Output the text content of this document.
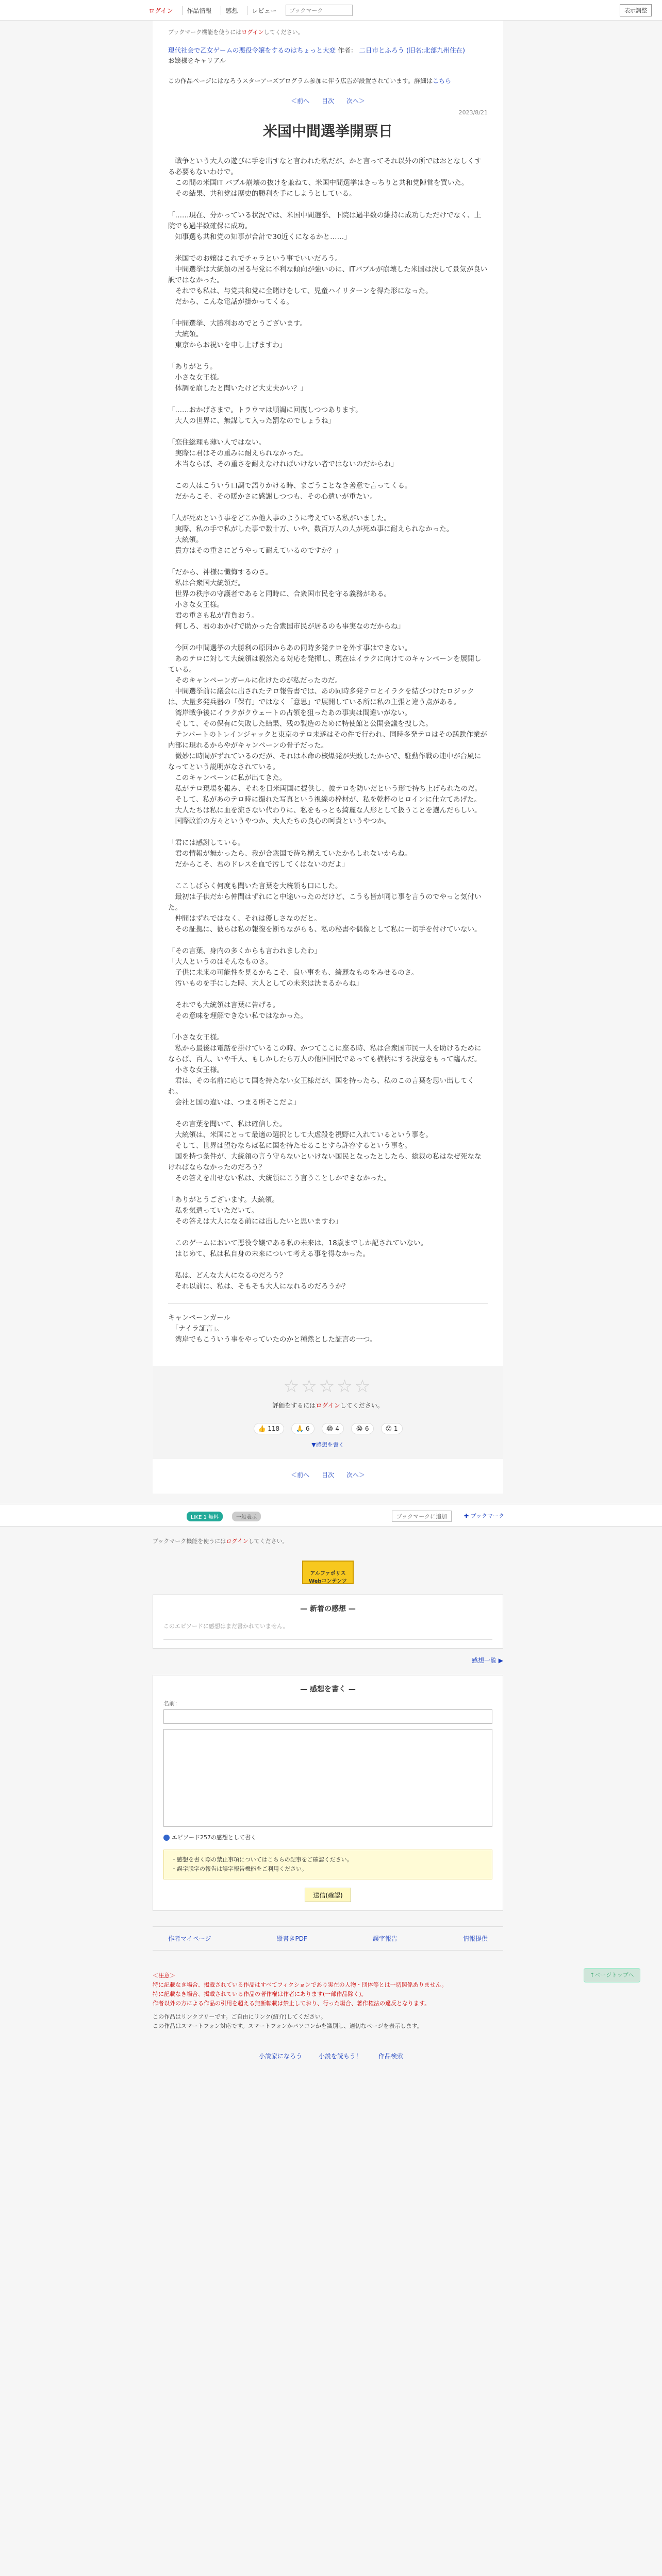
ログイン	作品情報	感想	レビュー
ブックマーク	表示調整
ブックマーク機能を使うにはログインしてください。
現代社会で乙女ゲームの悪役令嬢をするのはちょっと大変 作者： 二日市とふろう (旧名:北部九州住在)
お嬢様をキャリアル
この作品ページにはなろうスターアーズプログラム参加に伴う広告が設置されています。詳細はこちら
＜前へ 目次 次へ＞
2023/8/21
米国中間選挙開票日

　戦争という大人の遊びに手を出すなと言われた私だが、かと言ってそれ以外の所ではおとなしくする必要もないわけで。
　この間の米国IT バブル崩壊の抜けを兼ねて、米国中間選挙はきっちりと共和党陣営を買いた。
　その結果、共和党は歴史的勝利を手にしようとしている。

「……現在、分かっている状況では、米国中間選挙、下院は過半数の維持に成功しただけでなく、上院でも過半数確保に成功。
　知事選も共和党の知事が合計で30近くになるかと……」

　米国でのお嬢はこれでチャラという事でいいだろう。
　中間選挙は大統領の居る与党に不利な傾向が強いのに、ITバブルが崩壊した米国は決して景気が良い訳ではなかった。
　それでも私は、与党共和党に全賭けをして、児童ハイリターンを得た形になった。
　だから、こんな電話が掛かってくる。

「中間選挙、大勝利おめでとうございます。
　大統領。
　東京からお祝いを申し上げますわ」

「ありがとう。
　小さな女王様。
　体調を崩したと聞いたけど大丈夫かい？」

「……おかげさまで。トラウマは順調に回復しつつあります。
　大人の世界に、無謀して入った罰なのでしょうね」

「恋住総理も薄い人ではない。
　実際に君はその重みに耐えられなかった。
　本当ならば、その重さを耐えなければいけない者ではないのだからね」

　この人はこういう口調で語りかける時、まごうことなき善意で言ってくる。
　だからこそ、その暖かさに感謝しつつも、その心遣いが重たい。

「人が死ぬという事をどこか他人事のように考えている私がいました。
　実際、私の手で私がした事で数十万、いや、数百万人の人が死ぬ事に耐えられなかった。
　大統領。
　貴方はその重さにどうやって耐えているのですか？」

「だから、神様に懺悔するのさ。
　私は合衆国大統領だ。
　世界の秩序の守護者であると同時に、合衆国市民を守る義務がある。
　小さな女王様。
　君の重さも私が背負おう。
　何しろ、君のおかげで助かった合衆国市民が居るのも事実なのだからね」

　今回の中間選挙の大勝利の原因からあの同時多発テロを外す事はできない。
　あのテロに対して大統領は毅然たる対応を発揮し、現在はイラクに向けてのキャンペーンを展開している。
　そのキャンペーンガールに化けたのが私だったのだ。
　中間選挙前に議会に出されたテロ報告書では、あの同時多発テロとイラクを結びつけたロジックは、大量多発兵器の「保有」ではなく「意思」で展開している所に私の主張と違う点がある。
　湾岸戦争後にイラクがクウェートの占領を狙ったあの事実は間違いがない。
　そして、その保有に失敗した結果、残の製造のために特使館と公開会議を捜した。
　テンパートのトレインジャックと東京のテロ未遂はその件で行われ、同時多発テロはその蹉跌作業が内部に現れるからやがキャンペーンの骨子だった。
　微妙に時間がずれているのだが、それは本命の核爆発が失敗したからで、駐動作戦の連中が台風になってという説明がなされている。
　このキャンペーンに私が出てきた。
　私がテロ現場を報み、それを日米両国に提供し、彼テロを防いだという形で持ち上げられたのだ。
　そして、私があのテロ時に撮れた写真という視線の枠材が、私を乾杯のヒロインに仕立てあげた。
　大人たちは私に血を流さない代わりに、私をもっとも綺麗な人形として扱うことを選んだらしい。
　国際政治の方々というやつか、大人たちの良心の呵責というやつか。

「君には感謝している。
　君の情報が無かったら、我が合衆国で待ち構えていたかもしれないからね。
　だからこそ、君のドレスを血で汚してくはないのだよ」

　ここしばらく何度も聞いた言葉を大統領も口にした。
　最初は子供だから仲間はずれにと中途いったのだけど、こうも皆が同じ事を言うのでやっと気付いた。
　仲間はずれではなく、それは優しさなのだと。
　その証拠に、彼らは私の報復を断ちながらも、私の秘書や偶像として私に一切手を付けていない。

「その言葉、身内の多くからも言われましたわ」
「大人というのはそんなものさ。
　子供に未来の可能性を見るからこそ、良い事をも、綺麗なものをみせるのさ。
　汚いものを手にした時、大人としての未来は決まるからね」

　それでも大統領は言葉に告げる。
　その意味を理解できない私ではなかった。

「小さな女王様。
　私から最後は電話を掛けているこの時、かつてここに座る時、私は合衆国市民一人を助けるためにならば、百人、いや千人、もしかしたら万人の他国国民であっても横柄にする決意をもって臨んだ。
　小さな女王様。
　君は、その名前に応じて国を持たない女王様だが、国を持ったら、私のこの言葉を思い出してくれ。
　会社と国の違いは、つまる所そこだよ」

　その言葉を聞いて、私は確信した。
　大統領は、米国にとって最適の選択として大虐殺を視野に入れているという事を。
　そして、世界は望むならば私に国を持たせることすら許容するという事を。
　国を持つ条件が、大統領の言う守らないといけない国民となったとしたら、総裁の私はなぜ死ななければならなかったのだろう？
　その答えを出せない私は、大統領にこう言うことしかできなかった。

「ありがとうございます。大統領。
　私を気遣っていただいて。
　その答えは大人になる前には出したいと思いますわ」

　このゲームにおいて悪役令嬢である私の未来は、18歳までしか記されていない。
　はじめて、私は私自身の未来について考える事を得なかった。

　私は、どんな大人になるのだろう？
　それ以前に、私は、そもそも大人になれるのだろうか？

キャンペーンガール
　「ナイラ証言」。
　湾岸でもこういう事をやっていたのかと種然とした証言の一つ。
☆☆☆☆☆
評価をするにはログインしてください。
👍 118	🙏 6	😂 4	😭 6	😮 1
▼感想を書く
＜前へ 目次 次へ＞
↑ページトップへ
LIKE 1 無料	一般表示	ブックマークに追加	✚ ブックマーク
ブックマーク機能を使うにはログインしてください。
アルファポリス Webコンテンツ
— 新着の感想 —
このエピソードに感想はまだ書かれていません。
感想一覧 ▶
— 感想を書く —
名前：
エピソード257の感想として書く
・感想を書く際の禁止事項についてはこちらの記事をご確認ください。
・誤字脱字の報告は誤字報告機能をご利用ください。
送信(確認)
作者マイページ	縦書きPDF	誤字報告	情報提供
＜注意＞
特に記載なき場合、掲載されている作品はすべてフィクションであり実在の人物・団体等とは一切関係ありません。
特に記載なき場合、掲載されている作品の著作権は作者にあります(一部作品除く)。
作者以外の方による作品の引用を超える無断転載は禁止しており、行った場合、著作権法の違反となります。
この作品はリンクフリーです。ご自由にリンク(紹介)してください。
この作品はスマートフォン対応です。スマートフォンかパソコンかを識別し、適切なページを表示します。
小説家になろう	小説を読もう！	作品検索
